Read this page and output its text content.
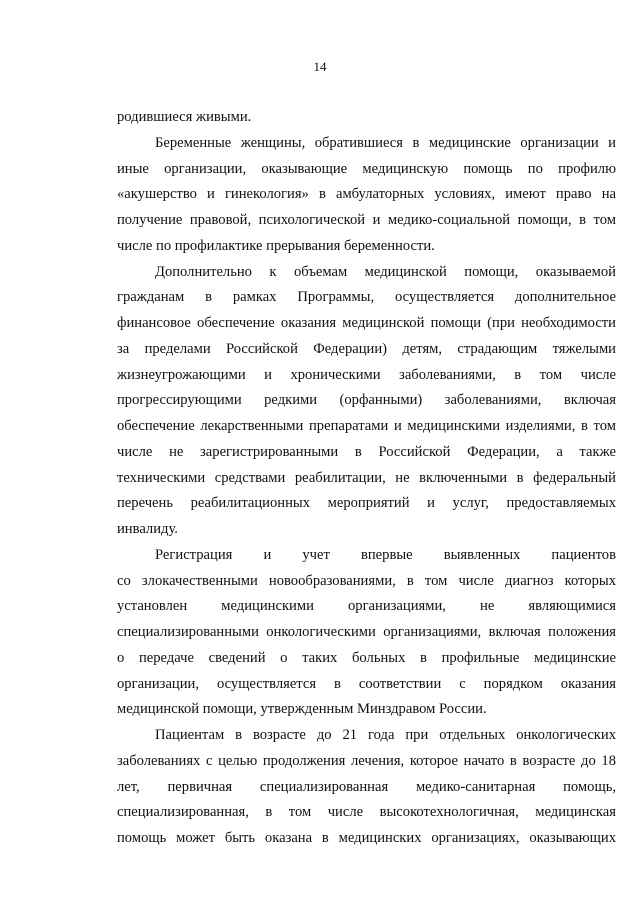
14
родившиеся живыми.
Беременные женщины, обратившиеся в медицинские организации и
иные организации, оказывающие медицинскую помощь по профилю
«акушерство и гинекология» в амбулаторных условиях, имеют право на
получение правовой, психологической и медико-социальной помощи, в том
числе по профилактике прерывания беременности.
Дополнительно к объемам медицинской помощи, оказываемой
гражданам в рамках Программы, осуществляется дополнительное
финансовое обеспечение оказания медицинской помощи (при необходимости
за пределами Российской Федерации) детям, страдающим тяжелыми
жизнеугрожающими и хроническими заболеваниями, в том числе
прогрессирующими редкими (орфанными) заболеваниями, включая
обеспечение лекарственными препаратами и медицинскими изделиями, в том
числе не зарегистрированными в Российской Федерации, а также
техническими средствами реабилитации, не включенными в федеральный
перечень реабилитационных мероприятий и услуг, предоставляемых
инвалиду.
Регистрация и учет впервые выявленных пациентов
со злокачественными новообразованиями, в том числе диагноз которых
установлен медицинскими организациями, не являющимися
специализированными онкологическими организациями, включая положения
о передаче сведений о таких больных в профильные медицинские
организации, осуществляется в соответствии с порядком оказания
медицинской помощи, утвержденным Минздравом России.
Пациентам в возрасте до 21 года при отдельных онкологических
заболеваниях с целью продолжения лечения, которое начато в возрасте до 18
лет, первичная специализированная медико-санитарная помощь,
специализированная, в том числе высокотехнологичная, медицинская
помощь может быть оказана в медицинских организациях, оказывающих
